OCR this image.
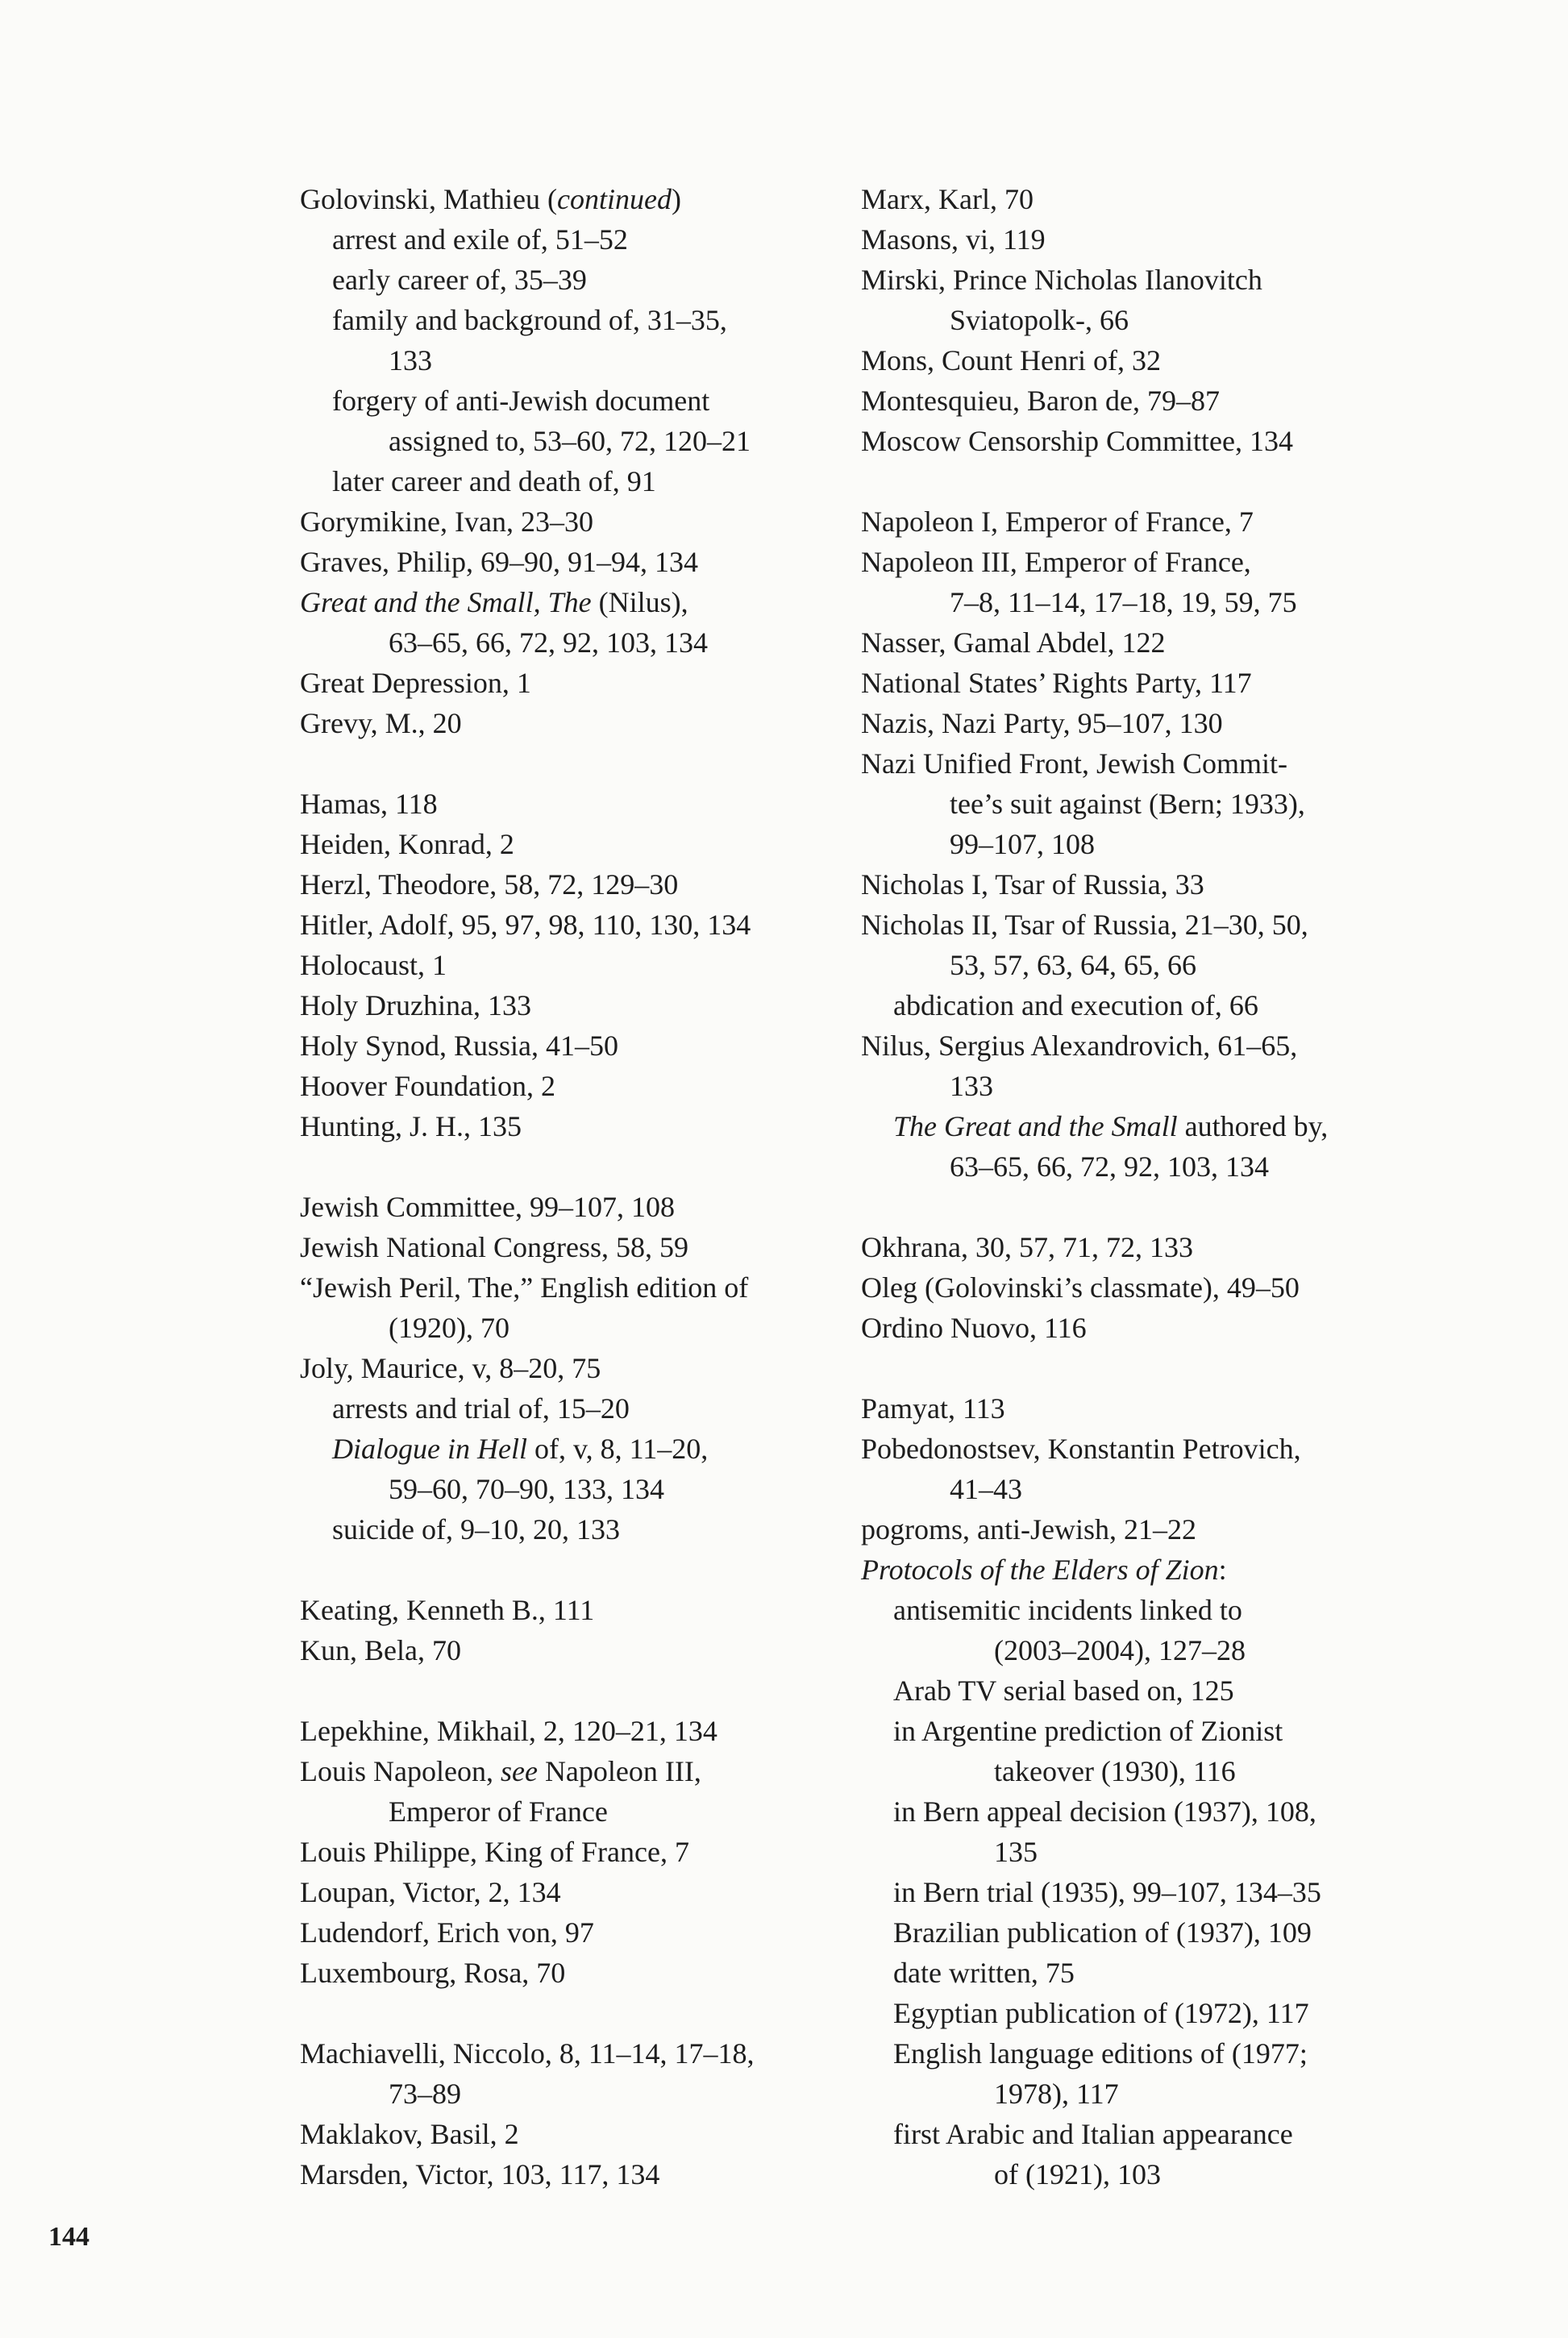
Golovinski, Mathieu (continued)
arrest and exile of, 51–52
early career of, 35–39
family and background of, 31–35,
133
forgery of anti-Jewish document
assigned to, 53–60, 72, 120–21
later career and death of, 91
Gorymikine, Ivan, 23–30
Graves, Philip, 69–90, 91–94, 134
Great and the Small, The (Nilus),
63–65, 66, 72, 92, 103, 134
Great Depression, 1
Grevy, M., 20
Hamas, 118
Heiden, Konrad, 2
Herzl, Theodore, 58, 72, 129–30
Hitler, Adolf, 95, 97, 98, 110, 130, 134
Holocaust, 1
Holy Druzhina, 133
Holy Synod, Russia, 41–50
Hoover Foundation, 2
Hunting, J. H., 135
Jewish Committee, 99–107, 108
Jewish National Congress, 58, 59
“Jewish Peril, The,” English edition of
(1920), 70
Joly, Maurice, v, 8–20, 75
arrests and trial of, 15–20
Dialogue in Hell of, v, 8, 11–20,
59–60, 70–90, 133, 134
suicide of, 9–10, 20, 133
Keating, Kenneth B., 111
Kun, Bela, 70
Lepekhine, Mikhail, 2, 120–21, 134
Louis Napoleon, see Napoleon III,
Emperor of France
Louis Philippe, King of France, 7
Loupan, Victor, 2, 134
Ludendorf, Erich von, 97
Luxembourg, Rosa, 70
Machiavelli, Niccolo, 8, 11–14, 17–18,
73–89
Maklakov, Basil, 2
Marsden, Victor, 103, 117, 134
Marx, Karl, 70
Masons, vi, 119
Mirski, Prince Nicholas Ilanovitch
Sviatopolk-, 66
Mons, Count Henri of, 32
Montesquieu, Baron de, 79–87
Moscow Censorship Committee, 134
Napoleon I, Emperor of France, 7
Napoleon III, Emperor of France,
7–8, 11–14, 17–18, 19, 59, 75
Nasser, Gamal Abdel, 122
National States’ Rights Party, 117
Nazis, Nazi Party, 95–107, 130
Nazi Unified Front, Jewish Commit-
tee’s suit against (Bern; 1933),
99–107, 108
Nicholas I, Tsar of Russia, 33
Nicholas II, Tsar of Russia, 21–30, 50,
53, 57, 63, 64, 65, 66
abdication and execution of, 66
Nilus, Sergius Alexandrovich, 61–65,
133
The Great and the Small authored by,
63–65, 66, 72, 92, 103, 134
Okhrana, 30, 57, 71, 72, 133
Oleg (Golovinski’s classmate), 49–50
Ordino Nuovo, 116
Pamyat, 113
Pobedonostsev, Konstantin Petrovich,
41–43
pogroms, anti-Jewish, 21–22
Protocols of the Elders of Zion:
antisemitic incidents linked to
(2003–2004), 127–28
Arab TV serial based on, 125
in Argentine prediction of Zionist
takeover (1930), 116
in Bern appeal decision (1937), 108,
135
in Bern trial (1935), 99–107, 134–35
Brazilian publication of (1937), 109
date written, 75
Egyptian publication of (1972), 117
English language editions of (1977;
1978), 117
first Arabic and Italian appearance
of (1921), 103
144
